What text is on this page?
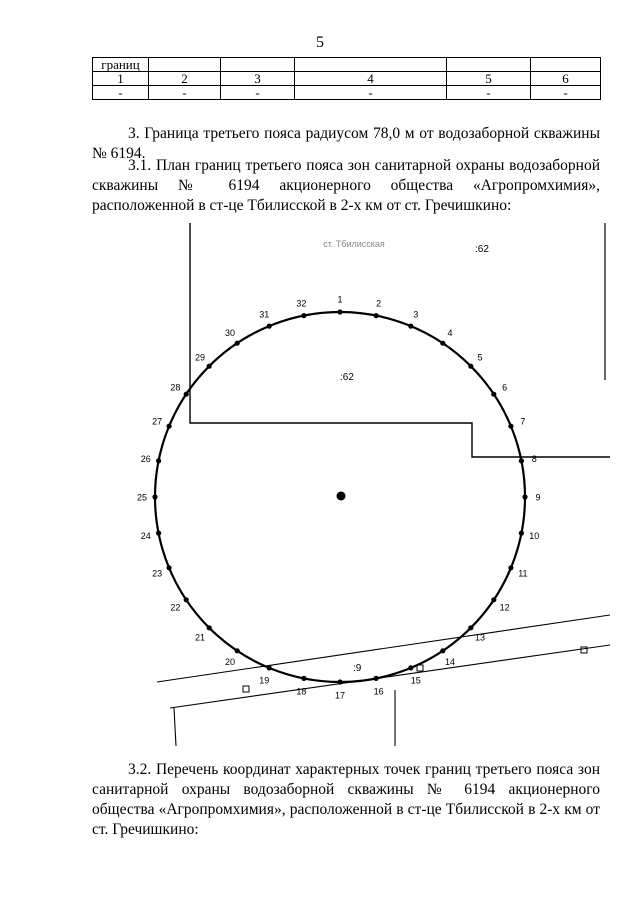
5
границ					
1	2	3	4	5	6
-	-	-	-	-	-

3. Граница третьего пояса радиусом 78,0 м от водозаборной скважины № 6194.

3.1. План границ третьего пояса зон санитарной охраны водозаборной скважины № 6194 акционерного общества «Агропромхимия», расположенной в ст-це Тбилисской в 2-х км от ст. Гречишкино:

ст. Тбилисская	:62
:62
:9
1	2
3
4
5
6
7
8
9
10
11
12
13
14
15
16
17
18
19
20
21
22
23
24
25
26
27
28
29
30
31
32

3.2. Перечень координат характерных точек границ третьего пояса зон санитарной охраны водозаборной скважины № 6194 акционерного общества «Агропромхимия», расположенной в ст-це Тбилисской в 2-х км от ст. Гречишкино:
